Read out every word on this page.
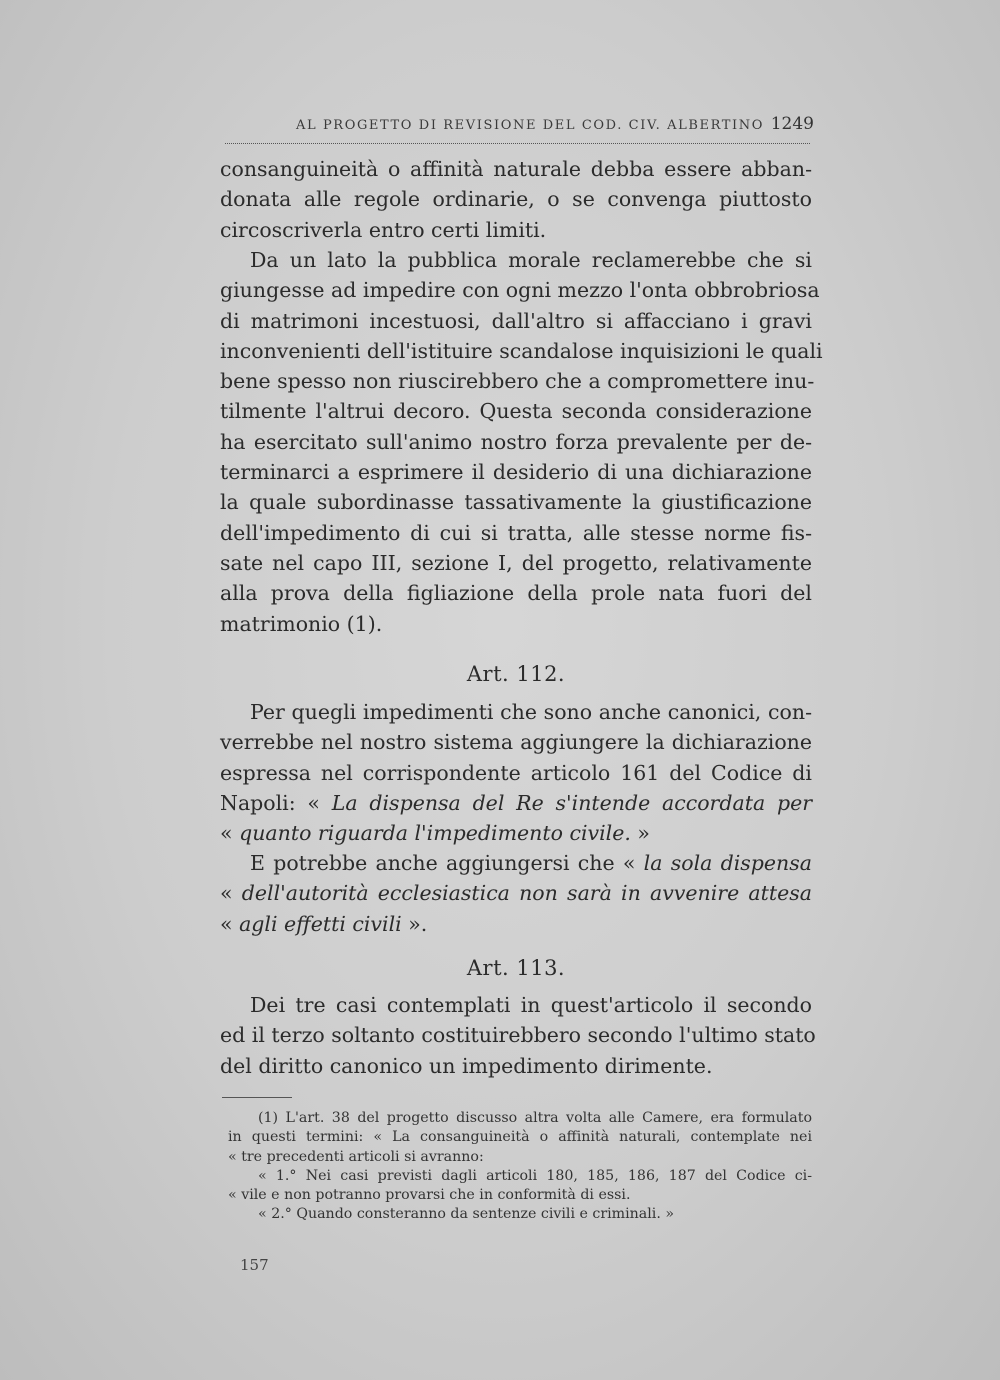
AL PROGETTO DI REVISIONE DEL COD. CIV. ALBERTINO 1249

consanguineità o affinità naturale debba essere abban-
donata alle regole ordinarie, o se convenga piuttosto
circoscriverla entro certi limiti.

Da un lato la pubblica morale reclamerebbe che si
giungesse ad impedire con ogni mezzo l'onta obbrobriosa
di matrimoni incestuosi, dall'altro si affacciano i gravi
inconvenienti dell'istituire scandalose inquisizioni le quali
bene spesso non riuscirebbero che a compromettere inu-
tilmente l'altrui decoro. Questa seconda considerazione
ha esercitato sull'animo nostro forza prevalente per de-
terminarci a esprimere il desiderio di una dichiarazione
la quale subordinasse tassativamente la giustificazione
dell'impedimento di cui si tratta, alle stesse norme fis-
sate nel capo III, sezione I, del progetto, relativamente
alla prova della figliazione della prole nata fuori del
matrimonio (1).

Art. 112.

Per quegli impedimenti che sono anche canonici, con-
verrebbe nel nostro sistema aggiungere la dichiarazione
espressa nel corrispondente articolo 161 del Codice di
Napoli: « La dispensa del Re s'intende accordata per
« quanto riguarda l'impedimento civile. »

E potrebbe anche aggiungersi che « la sola dispensa
« dell'autorità ecclesiastica non sarà in avvenire attesa
« agli effetti civili ».

Art. 113.

Dei tre casi contemplati in quest'articolo il secondo
ed il terzo soltanto costituirebbero secondo l'ultimo stato
del diritto canonico un impedimento dirimente.

(1) L'art. 38 del progetto discusso altra volta alle Camere, era formulato
in questi termini: « La consanguineità o affinità naturali, contemplate nei
« tre precedenti articoli si avranno:
« 1.° Nei casi previsti dagli articoli 180, 185, 186, 187 del Codice ci-
« vile e non potranno provarsi che in conformità di essi.
« 2.° Quando consteranno da sentenze civili e criminali. »
157
